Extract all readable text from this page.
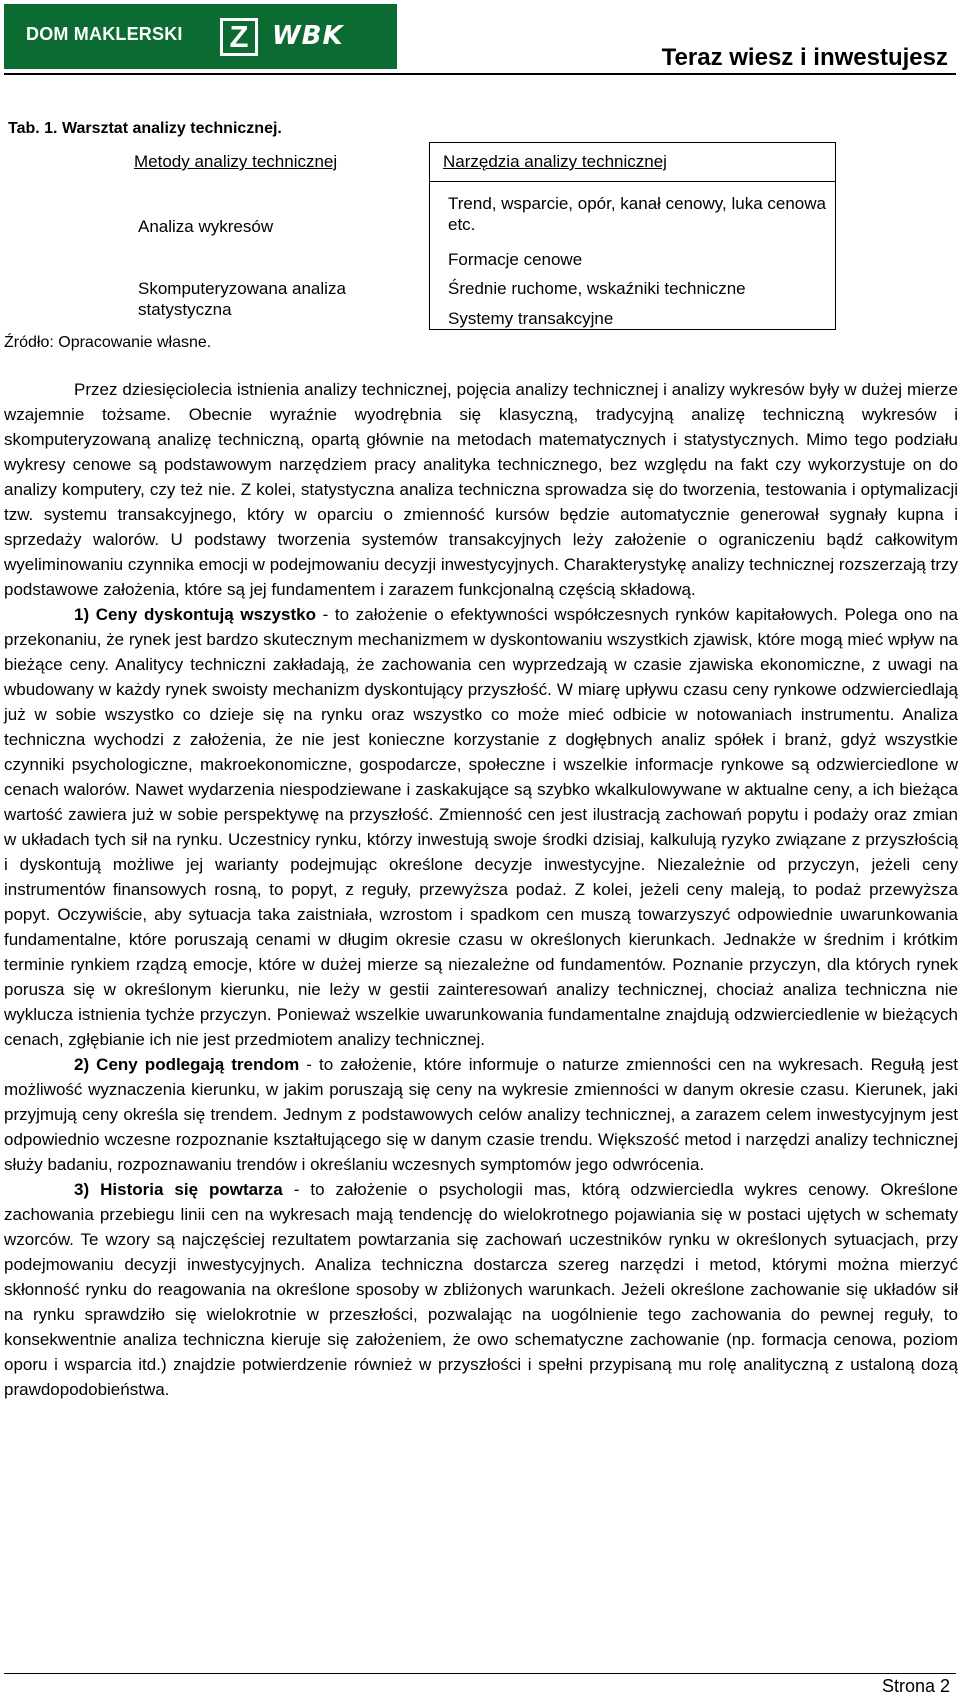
DOM MAKLERSKI	Z WBK
Teraz wiesz i inwestujesz
Tab. 1. Warsztat analizy technicznej.
Metody analizy technicznej	Narzędzia analizy technicznej
Analiza wykresów
Skomputeryzowana analiza statystyczna
Trend, wsparcie, opór, kanał cenowy, luka cenowa etc.
Formacje cenowe
Średnie ruchome, wskaźniki techniczne
Systemy transakcyjne
Źródło: Opracowanie własne.

Przez dziesięciolecia istnienia analizy technicznej, pojęcia analizy technicznej i analizy wykresów były w dużej mierze wzajemnie tożsame. Obecnie wyraźnie wyodrębnia się klasyczną, tradycyjną analizę techniczną wykresów i skomputeryzowaną analizę techniczną, opartą głównie na metodach matematycznych i statystycznych. Mimo tego podziału wykresy cenowe są podstawowym narzędziem pracy analityka technicznego, bez względu na fakt czy wykorzystuje on do analizy komputery, czy też nie. Z kolei, statystyczna analiza techniczna sprowadza się do tworzenia, testowania i optymalizacji tzw. systemu transakcyjnego, który w oparciu o zmienność kursów będzie automatycznie generował sygnały kupna i sprzedaży walorów. U podstawy tworzenia systemów transakcyjnych leży założenie o ograniczeniu bądź całkowitym wyeliminowaniu czynnika emocji w podejmowaniu decyzji inwestycyjnych. Charakterystykę analizy technicznej rozszerzają trzy podstawowe założenia, które są jej fundamentem i zarazem funkcjonalną częścią składową.

1) Ceny dyskontują wszystko - to założenie o efektywności współczesnych rynków kapitałowych. Polega ono na przekonaniu, że rynek jest bardzo skutecznym mechanizmem w dyskontowaniu wszystkich zjawisk, które mogą mieć wpływ na bieżące ceny. Analitycy techniczni zakładają, że zachowania cen wyprzedzają w czasie zjawiska ekonomiczne, z uwagi na wbudowany w każdy rynek swoisty mechanizm dyskontujący przyszłość. W miarę upływu czasu ceny rynkowe odzwierciedlają już w sobie wszystko co dzieje się na rynku oraz wszystko co może mieć odbicie w notowaniach instrumentu. Analiza techniczna wychodzi z założenia, że nie jest konieczne korzystanie z dogłębnych analiz spółek i branż, gdyż wszystkie czynniki psychologiczne, makroekonomiczne, gospodarcze, społeczne i wszelkie informacje rynkowe są odzwierciedlone w cenach walorów. Nawet wydarzenia niespodziewane i zaskakujące są szybko wkalkulowywane w aktualne ceny, a ich bieżąca wartość zawiera już w sobie perspektywę na przyszłość. Zmienność cen jest ilustracją zachowań popytu i podaży oraz zmian w układach tych sił na rynku. Uczestnicy rynku, którzy inwestują swoje środki dzisiaj, kalkulują ryzyko związane z przyszłością i dyskontują możliwe jej warianty podejmując określone decyzje inwestycyjne. Niezależnie od przyczyn, jeżeli ceny instrumentów finansowych rosną, to popyt, z reguły, przewyższa podaż. Z kolei, jeżeli ceny maleją, to podaż przewyższa popyt. Oczywiście, aby sytuacja taka zaistniała, wzrostom i spadkom cen muszą towarzyszyć odpowiednie uwarunkowania fundamentalne, które poruszają cenami w długim okresie czasu w określonych kierunkach. Jednakże w średnim i krótkim terminie rynkiem rządzą emocje, które w dużej mierze są niezależne od fundamentów. Poznanie przyczyn, dla których rynek porusza się w określonym kierunku, nie leży w gestii zainteresowań analizy technicznej, chociaż analiza techniczna nie wyklucza istnienia tychże przyczyn. Ponieważ wszelkie uwarunkowania fundamentalne znajdują odzwierciedlenie w bieżących cenach, zgłębianie ich nie jest przedmiotem analizy technicznej.

2) Ceny podlegają trendom - to założenie, które informuje o naturze zmienności cen na wykresach. Regułą jest możliwość wyznaczenia kierunku, w jakim poruszają się ceny na wykresie zmienności w danym okresie czasu. Kierunek, jaki przyjmują ceny określa się trendem. Jednym z podstawowych celów analizy technicznej, a zarazem celem inwestycyjnym jest odpowiednio wczesne rozpoznanie kształtującego się w danym czasie trendu. Większość metod i narzędzi analizy technicznej służy badaniu, rozpoznawaniu trendów i określaniu wczesnych symptomów jego odwrócenia.

3) Historia się powtarza - to założenie o psychologii mas, którą odzwierciedla wykres cenowy. Określone zachowania przebiegu linii cen na wykresach mają tendencję do wielokrotnego pojawiania się w postaci ujętych w schematy wzorców. Te wzory są najczęściej rezultatem powtarzania się zachowań uczestników rynku w określonych sytuacjach, przy podejmowaniu decyzji inwestycyjnych. Analiza techniczna dostarcza szereg narzędzi i metod, którymi można mierzyć skłonność rynku do reagowania na określone sposoby w zbliżonych warunkach. Jeżeli określone zachowanie się układów sił na rynku sprawdziło się wielokrotnie w przeszłości, pozwalając na uogólnienie tego zachowania do pewnej reguły, to konsekwentnie analiza techniczna kieruje się założeniem, że owo schematyczne zachowanie (np. formacja cenowa, poziom oporu i wsparcia itd.) znajdzie potwierdzenie również w przyszłości i spełni przypisaną mu rolę analityczną z ustaloną dozą prawdopodobieństwa.

Strona 2
